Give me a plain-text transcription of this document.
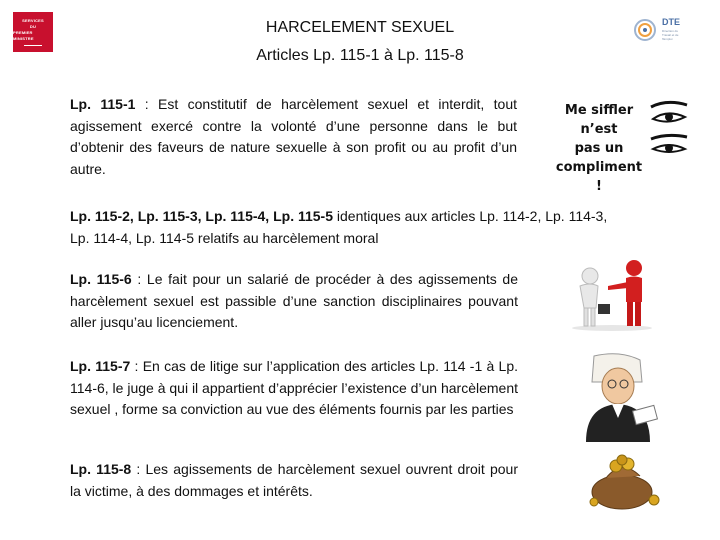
SERVICES
DU
PREMIER MINISTRE
DTE
Direction du Travail et de l'Emploi
HARCELEMENT SEXUEL
Articles Lp. 115-1 à Lp. 115-8
Lp. 115-1 : Est constitutif de harcèlement sexuel et interdit, tout agissement exercé contre la volonté d’une personne dans le but d’obtenir des faveurs de nature sexuelle à son profit ou au profit d’un autre.
Lp. 115-2, Lp. 115-3, Lp. 115-4, Lp. 115-5 identiques aux articles Lp. 114-2, Lp. 114-3, Lp. 114-4, Lp. 114-5 relatifs au harcèlement moral
Lp. 115-6 : Le fait pour un salarié de procéder à des agissements de harcèlement sexuel est passible d’une sanction disciplinaires pouvant aller jusqu’au licenciement.
Lp. 115-7 : En cas de litige sur l’application des articles Lp. 114 -1 à Lp. 114-6, le juge à qui il appartient d’apprécier l’existence d’un harcèlement sexuel , forme sa conviction au vue des éléments fournis par les parties
Lp. 115-8 : Les agissements de harcèlement sexuel ouvrent droit pour la victime, à des dommages et intérêts.
Me siffler n’est
pas un
compliment !
